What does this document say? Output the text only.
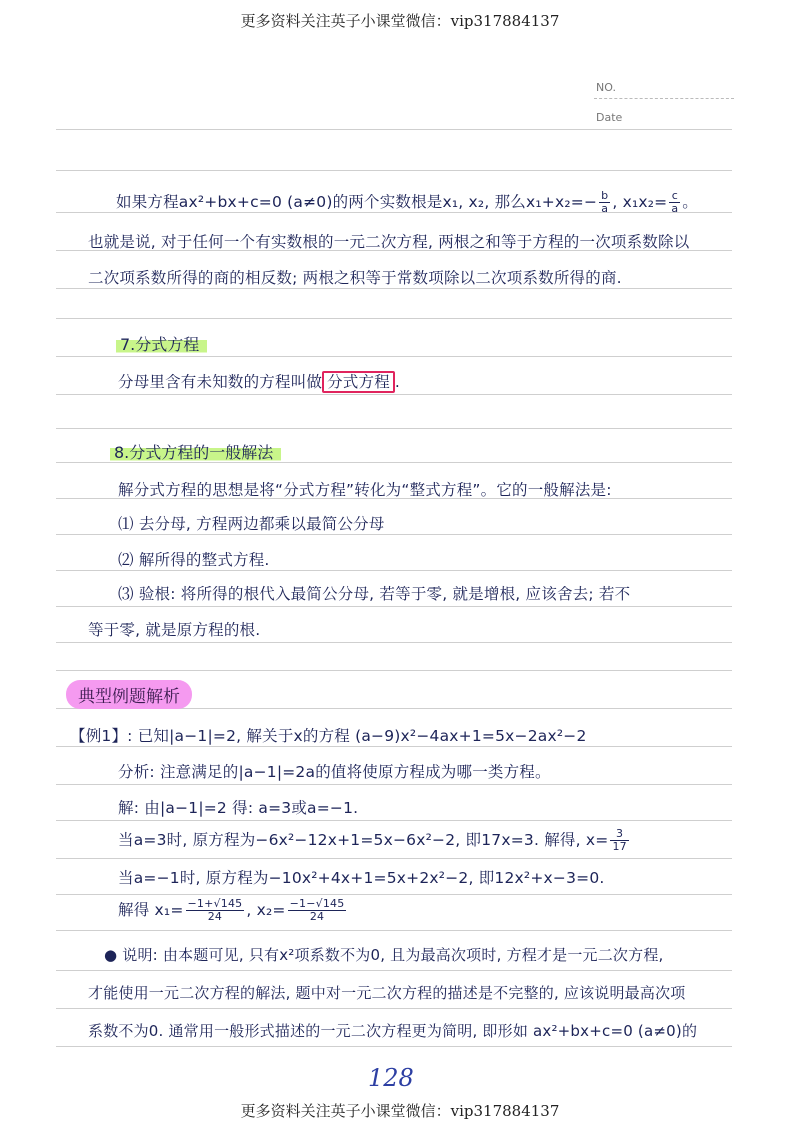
更多资料关注英子小课堂微信：vip317884137
NO.
Date
如果方程ax²+bx+c=0 (a≠0)的两个实数根是x₁, x₂, 那么$x_1+x_2=- \frac{b}{a}$ , $x_1x_2= \frac{c}{a}$ 。
也就是说, 对于任何一个有实数根的一元二次方程, 两根之和等于方程的一次项系数除以
二次项系数所得的商的相反数; 两根之积等于常数项除以二次项系数所得的商.
7.分式方程
分母里含有未知数的方程叫做 分式方程 .
8.分式方程的一般解法
解分式方程的思想是将“分式方程”转化为“整式方程”。它的一般解法是:
⑴ 去分母, 方程两边都乘以最简公分母
⑵ 解所得的整式方程.
⑶ 验根: 将所得的根代入最简公分母, 若等于零, 就是增根, 应该舍去; 若不
等于零, 就是原方程的根.
典型例题解析
【例1】: 已知|a−1|=2, 解关于x的方程 (a−9)x²−4ax+1=5x−2ax²−2
分析: 注意满足的|a−1|=2a的值将使原方程成为哪一类方程。
解: 由|a−1|=2 得: a=3或a=−1.
当a=3时, 原方程为−6x²−12x+1=5x−6x²−2, 即17x=3. 解得, $x= \frac{3}{17}$
当a=−1时, 原方程为−10x²+4x+1=5x+2x²−2, 即12x²+x−3=0.
解得 $x_1= \frac{-1+√145}{24}$ , $x_2= \frac{-1-√145}{24}$
● 说明: 由本题可见, 只有x²项系数不为0, 且为最高次项时, 方程才是一元二次方程,
才能使用一元二次方程的解法, 题中对一元二次方程的描述是不完整的, 应该说明最高次项
系数不为0. 通常用一般形式描述的一元二次方程更为简明, 即形如 ax²+bx+c=0 (a≠0)的
128
更多资料关注英子小课堂微信：vip317884137
